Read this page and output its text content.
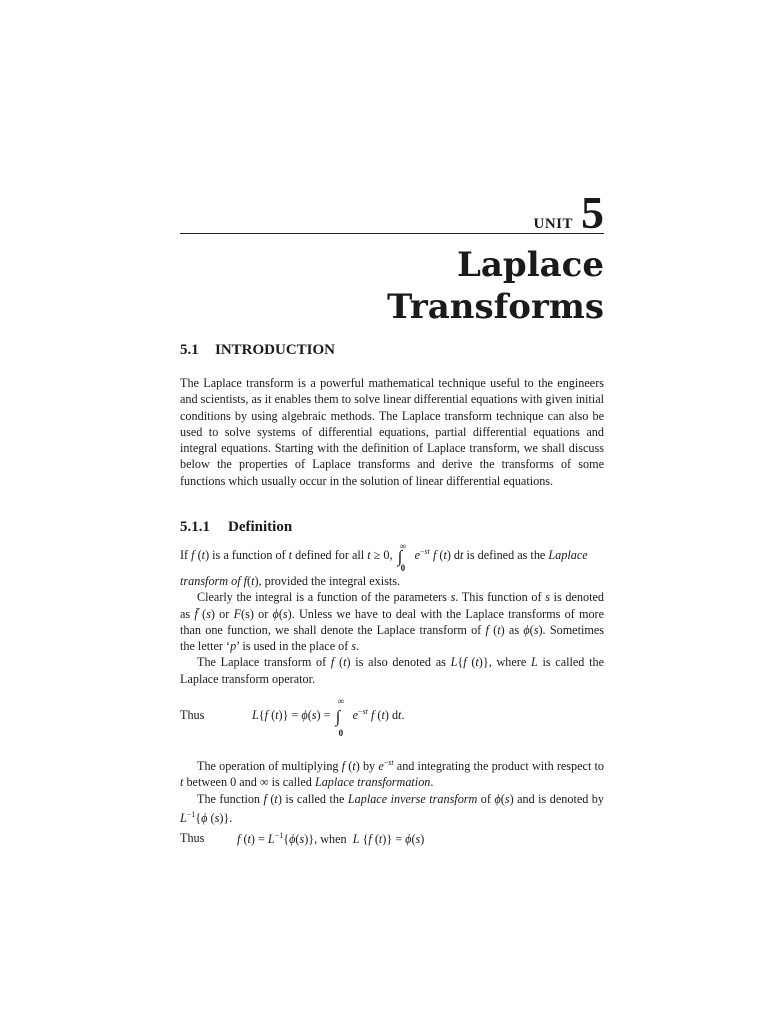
UNIT 5
Laplace
Transforms
5.1 INTRODUCTION
The Laplace transform is a powerful mathematical technique useful to the engineers and scientists, as it enables them to solve linear differential equations with given initial conditions by using algebraic methods. The Laplace transform technique can also be used to solve systems of differential equations, partial differential equations and integral equations. Starting with the definition of Laplace transform, we shall discuss below the properties of Laplace transforms and derive the transforms of some functions which usually occur in the solution of linear differential equations.
5.1.1 Definition
If f (t) is a function of t defined for all t ≥ 0,
∞
∫
0
$e^{-st}$ f (t) dt is defined as the Laplace
transform of f(t), provided the integral exists.
Clearly the integral is a function of the parameters s. This function of s is denoted as f̄ (s) or F(s) or ϕ(s). Unless we have to deal with the Laplace transforms of more than one function, we shall denote the Laplace transform of f (t) as ϕ(s). Sometimes the letter ‘p’ is used in the place of s.
The Laplace transform of f (t) is also denoted as L{f (t)}, where L is called the Laplace transform operator.
Thus	L{f (t)} = ϕ(s) =
∞
∫
0
$e^{-st}$ f (t) dt.
The operation of multiplying f (t) by $e^{-st}$ and integrating the product with respect to t between 0 and ∞ is called Laplace transformation.
The function f (t) is called the Laplace inverse transform of ϕ(s) and is denoted by $L^{-1}\{\phi$ (s)}.
Thus	f $(t) = L^{-1}\{\phi(s)\}$, when  L {f (t)} = ϕ(s)
